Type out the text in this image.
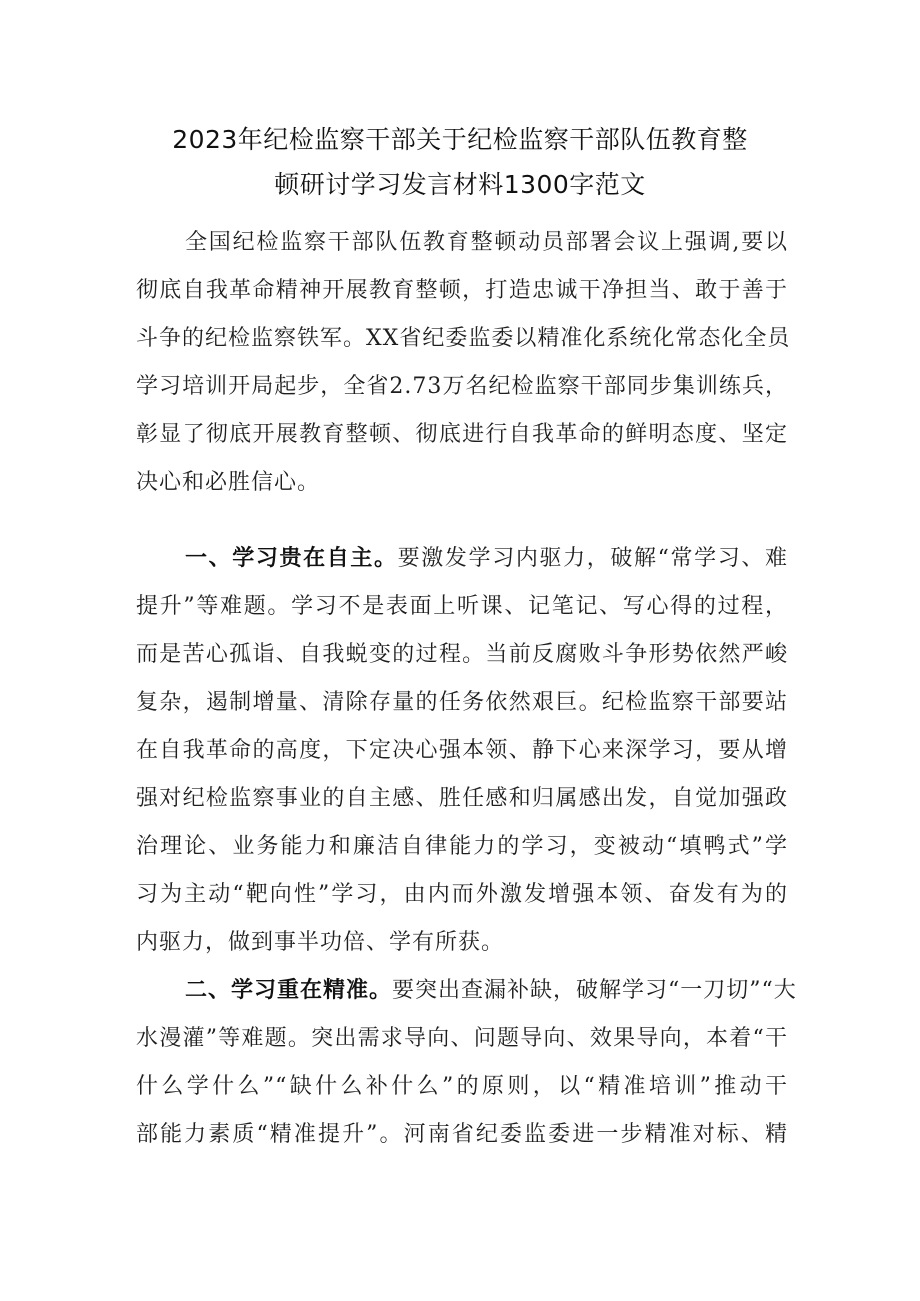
2023年纪检监察干部关于纪检监察干部队伍教育整
顿研讨学习发言材料1300字范文
全国纪检监察干部队伍教育整顿动员部署会议上强调,要以
彻底自我革命精神开展教育整顿，打造忠诚干净担当、敢于善于
斗争的纪检监察铁军。XX省纪委监委以精准化系统化常态化全员
学习培训开局起步，全省2.73万名纪检监察干部同步集训练兵，
彰显了彻底开展教育整顿、彻底进行自我革命的鲜明态度、坚定
决心和必胜信心。
一、学习贵在自主。要激发学习内驱力，破解“常学习、难
提升”等难题。学习不是表面上听课、记笔记、写心得的过程，
而是苦心孤诣、自我蜕变的过程。当前反腐败斗争形势依然严峻
复杂，遏制增量、清除存量的任务依然艰巨。纪检监察干部要站
在自我革命的高度，下定决心强本领、静下心来深学习，要从增
强对纪检监察事业的自主感、胜任感和归属感出发，自觉加强政
治理论、业务能力和廉洁自律能力的学习，变被动“填鸭式”学
习为主动“靶向性”学习，由内而外激发增强本领、奋发有为的
内驱力，做到事半功倍、学有所获。
二、学习重在精准。要突出查漏补缺，破解学习“一刀切”“大
水漫灌”等难题。突出需求导向、问题导向、效果导向，本着“干
什么学什么”“缺什么补什么”的原则，以“精准培训”推动干
部能力素质“精准提升”。河南省纪委监委进一步精准对标、精
